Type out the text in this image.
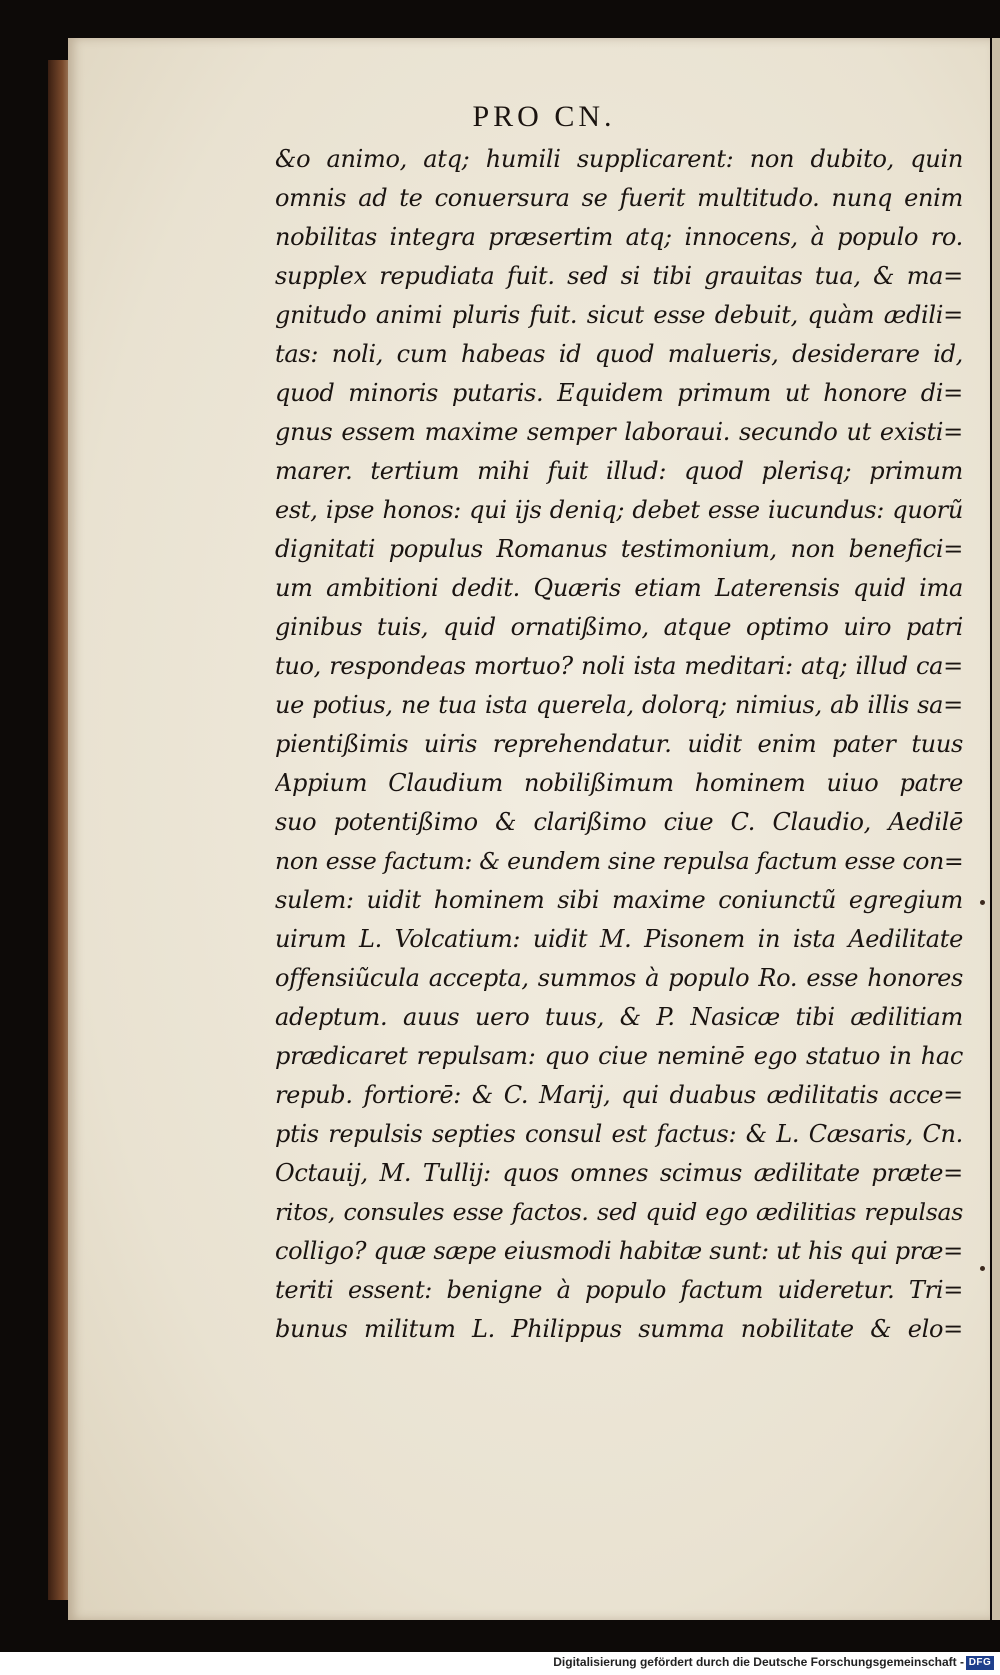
PRO CN.
&o animo, atq; humili supplicarent: non dubito, quin
omnis ad te conuersura se fuerit multitudo. nunq enim
nobilitas integra præsertim atq; innocens, à populo ro.
supplex repudiata fuit. sed si tibi grauitas tua, & ma=
gnitudo animi pluris fuit. sicut esse debuit, quàm ædili=
tas: noli, cum habeas id quod malueris, desiderare id,
quod minoris putaris. Equidem primum ut honore di=
gnus essem maxime semper laboraui. secundo ut existi=
marer. tertium mihi fuit illud: quod plerisq; primum
est, ipse honos: qui ijs deniq; debet esse iucundus: quorũ
dignitati populus Romanus testimonium, non benefici=
um ambitioni dedit. Quæris etiam Laterensis quid ima
ginibus tuis, quid ornatißimo, atque optimo uiro patri
tuo, respondeas mortuo? noli ista meditari: atq; illud ca=
ue potius, ne tua ista querela, dolorq; nimius, ab illis sa=
pientißimis uiris reprehendatur. uidit enim pater tuus
Appium Claudium nobilißimum hominem uiuo patre
suo potentißimo & clarißimo ciue C. Claudio, Aedilē
non esse factum: & eundem sine repulsa factum esse con=
sulem: uidit hominem sibi maxime coniunctũ egregium
uirum L. Volcatium: uidit M. Pisonem in ista Aedilitate
offensiũcula accepta, summos à populo Ro. esse honores
adeptum. auus uero tuus, & P. Nasicæ tibi ædilitiam
prædicaret repulsam: quo ciue neminē ego statuo in hac
repub. fortiorē: & C. Marij, qui duabus ædilitatis acce=
ptis repulsis septies consul est factus: & L. Cæsaris, Cn.
Octauij, M. Tullij: quos omnes scimus ædilitate præte=
ritos, consules esse factos. sed quid ego ædilitias repulsas
colligo? quæ sæpe eiusmodi habitæ sunt: ut his qui præ=
teriti essent: benigne à populo factum uideretur. Tri=
bunus militum L. Philippus summa nobilitate & elo=
Digitalisierung gefördert durch die Deutsche Forschungsgemeinschaft - DFG
